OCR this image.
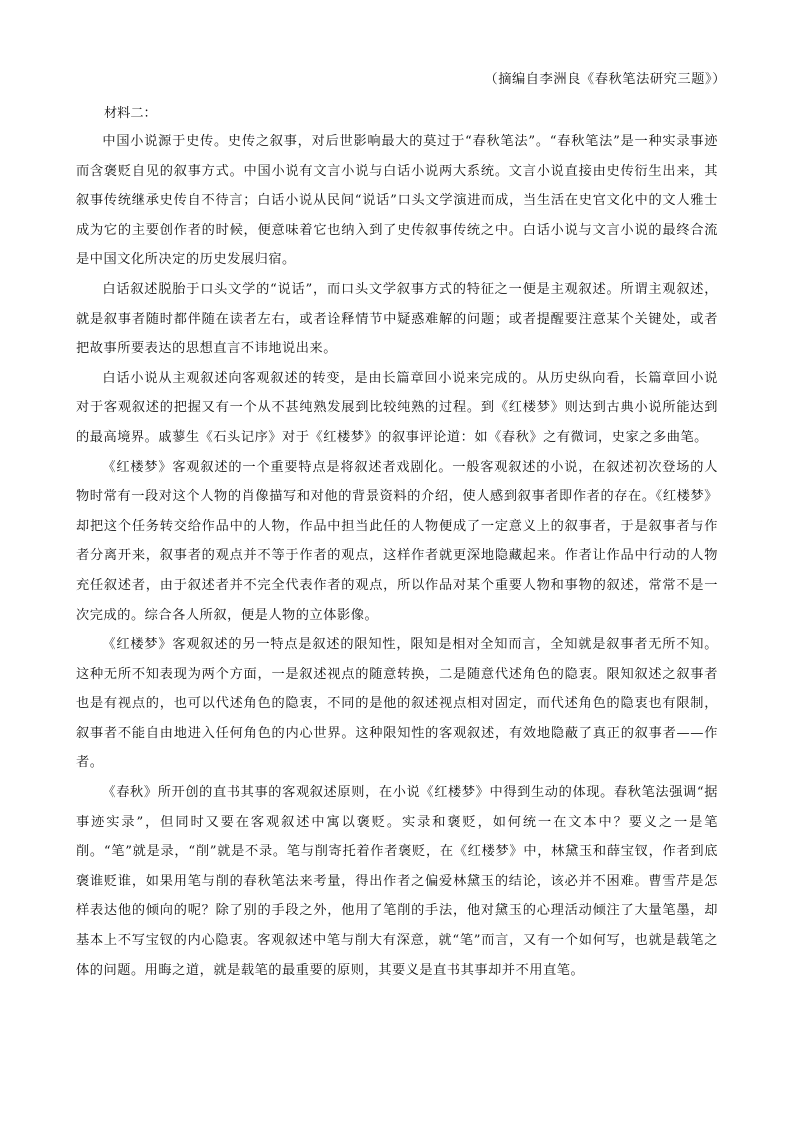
（摘编自李洲良《春秋笔法研究三题》）
材料二：

中国小说源于史传。史传之叙事，对后世影响最大的莫过于“春秋笔法”。“春秋笔法”是一种实录事迹而含褒贬自见的叙事方式。中国小说有文言小说与白话小说两大系统。文言小说直接由史传衍生出来，其叙事传统继承史传自不待言；白话小说从民间“说话”口头文学演进而成，当生活在史官文化中的文人雅士成为它的主要创作者的时候，便意味着它也纳入到了史传叙事传统之中。白话小说与文言小说的最终合流是中国文化所决定的历史发展归宿。

白话叙述脱胎于口头文学的“说话”，而口头文学叙事方式的特征之一便是主观叙述。所谓主观叙述，就是叙事者随时都伴随在读者左右，或者诠释情节中疑惑难解的问题；或者提醒要注意某个关键处，或者把故事所要表达的思想直言不讳地说出来。

白话小说从主观叙述向客观叙述的转变，是由长篇章回小说来完成的。从历史纵向看，长篇章回小说对于客观叙述的把握又有一个从不甚纯熟发展到比较纯熟的过程。到《红楼梦》则达到古典小说所能达到的最高境界。戚蓼生《石头记序》对于《红楼梦》的叙事评论道：如《春秋》之有微词，史家之多曲笔。

《红楼梦》客观叙述的一个重要特点是将叙述者戏剧化。一般客观叙述的小说，在叙述初次登场的人物时常有一段对这个人物的肖像描写和对他的背景资料的介绍，使人感到叙事者即作者的存在。《红楼梦》却把这个任务转交给作品中的人物，作品中担当此任的人物便成了一定意义上的叙事者，于是叙事者与作者分离开来，叙事者的观点并不等于作者的观点，这样作者就更深地隐藏起来。作者让作品中行动的人物充任叙述者，由于叙述者并不完全代表作者的观点，所以作品对某个重要人物和事物的叙述，常常不是一次完成的。综合各人所叙，便是人物的立体影像。

《红楼梦》客观叙述的另一特点是叙述的限知性，限知是相对全知而言，全知就是叙事者无所不知。这种无所不知表现为两个方面，一是叙述视点的随意转换，二是随意代述角色的隐衷。限知叙述之叙事者也是有视点的，也可以代述角色的隐衷，不同的是他的叙述视点相对固定，而代述角色的隐衷也有限制，叙事者不能自由地进入任何角色的内心世界。这种限知性的客观叙述，有效地隐蔽了真正的叙事者——作者。

《春秋》所开创的直书其事的客观叙述原则，在小说《红楼梦》中得到生动的体现。春秋笔法强调“据事迹实录”，但同时又要在客观叙述中寓以褒贬。实录和褒贬，如何统一在文本中？要义之一是笔削。“笔”就是录，“削”就是不录。笔与削寄托着作者褒贬，在《红楼梦》中，林黛玉和薛宝钗，作者到底褒谁贬谁，如果用笔与削的春秋笔法来考量，得出作者之偏爱林黛玉的结论，该必并不困难。曹雪芹是怎样表达他的倾向的呢？除了别的手段之外，他用了笔削的手法，他对黛玉的心理活动倾注了大量笔墨，却基本上不写宝钗的内心隐衷。客观叙述中笔与削大有深意，就“笔”而言，又有一个如何写，也就是载笔之体的问题。用晦之道，就是载笔的最重要的原则，其要义是直书其事却并不用直笔。
